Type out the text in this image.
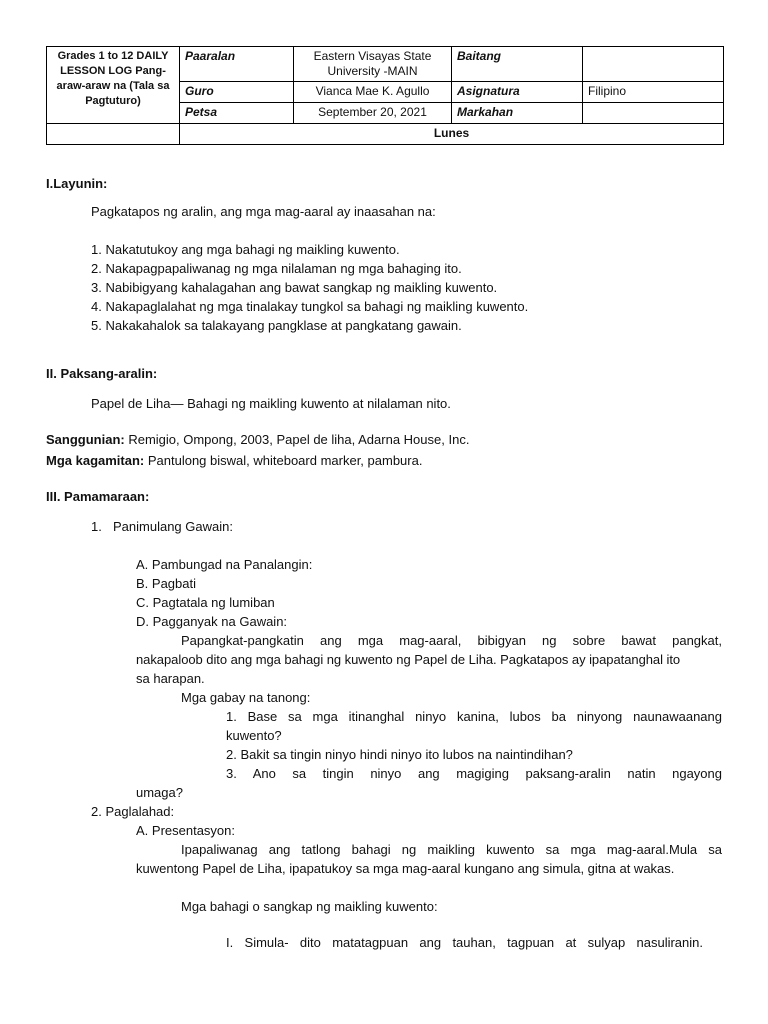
Grades 1 to 12 DAILY LESSON LOG Pang-araw-araw na (Tala sa Pagtuturo)	Paaralan	Eastern Visayas State University -MAIN	Baitang	
	Guro	Vianca Mae K. Agullo	Asignatura	Filipino
	Petsa	September 20, 2021	Markahan	
	Lunes			
I.Layunin:
Pagkatapos ng aralin, ang mga mag-aaral ay inaasahan na:
1. Nakatutukoy ang mga bahagi ng maikling kuwento.
2. Nakapagpapaliwanag ng mga nilalaman ng mga bahaging ito.
3. Nabibigyang kahalagahan ang bawat sangkap ng maikling kuwento.
4. Nakapaglalahat ng mga tinalakay tungkol sa bahagi ng maikling kuwento.
5. Nakakahalok sa talakayang pangklase at pangkatang gawain.
II. Paksang-aralin:
Papel de Liha— Bahagi ng maikling kuwento at nilalaman nito.
Sanggunian: Remigio, Ompong, 2003, Papel de liha, Adarna House, Inc.
Mga kagamitan: Pantulong biswal, whiteboard marker, pambura.
III. Pamamaraan:
1. Panimulang Gawain:
A. Pambungad na Panalangin:
B. Pagbati
C. Pagtatala ng lumiban
D. Pagganyak na Gawain:
Papangkat-pangkatin ang mga mag-aaral, bibigyan ng sobre bawat pangkat,
nakapaloob dito ang mga bahagi ng kuwento ng Papel de Liha. Pagkatapos ay ipapatanghal ito
sa harapan.
Mga gabay na tanong:
1. Base sa mga itinanghal ninyo kanina, lubos ba ninyong naunawaanang
kuwento?
2. Bakit sa tingin ninyo hindi ninyo ito lubos na naintindihan?
3. Ano sa tingin ninyo ang magiging paksang-aralin natin ngayong
umaga?
2. Paglalahad:
A. Presentasyon:
Ipapaliwanag ang tatlong bahagi ng maikling kuwento sa mga mag-aaral.Mula sa
kuwentong Papel de Liha, ipapatukoy sa mga mag-aaral kungano ang simula, gitna at wakas.
Mga bahagi o sangkap ng maikling kuwento:
I. Simula- dito matatagpuan ang tauhan, tagpuan at sulyap nasuliranin.
